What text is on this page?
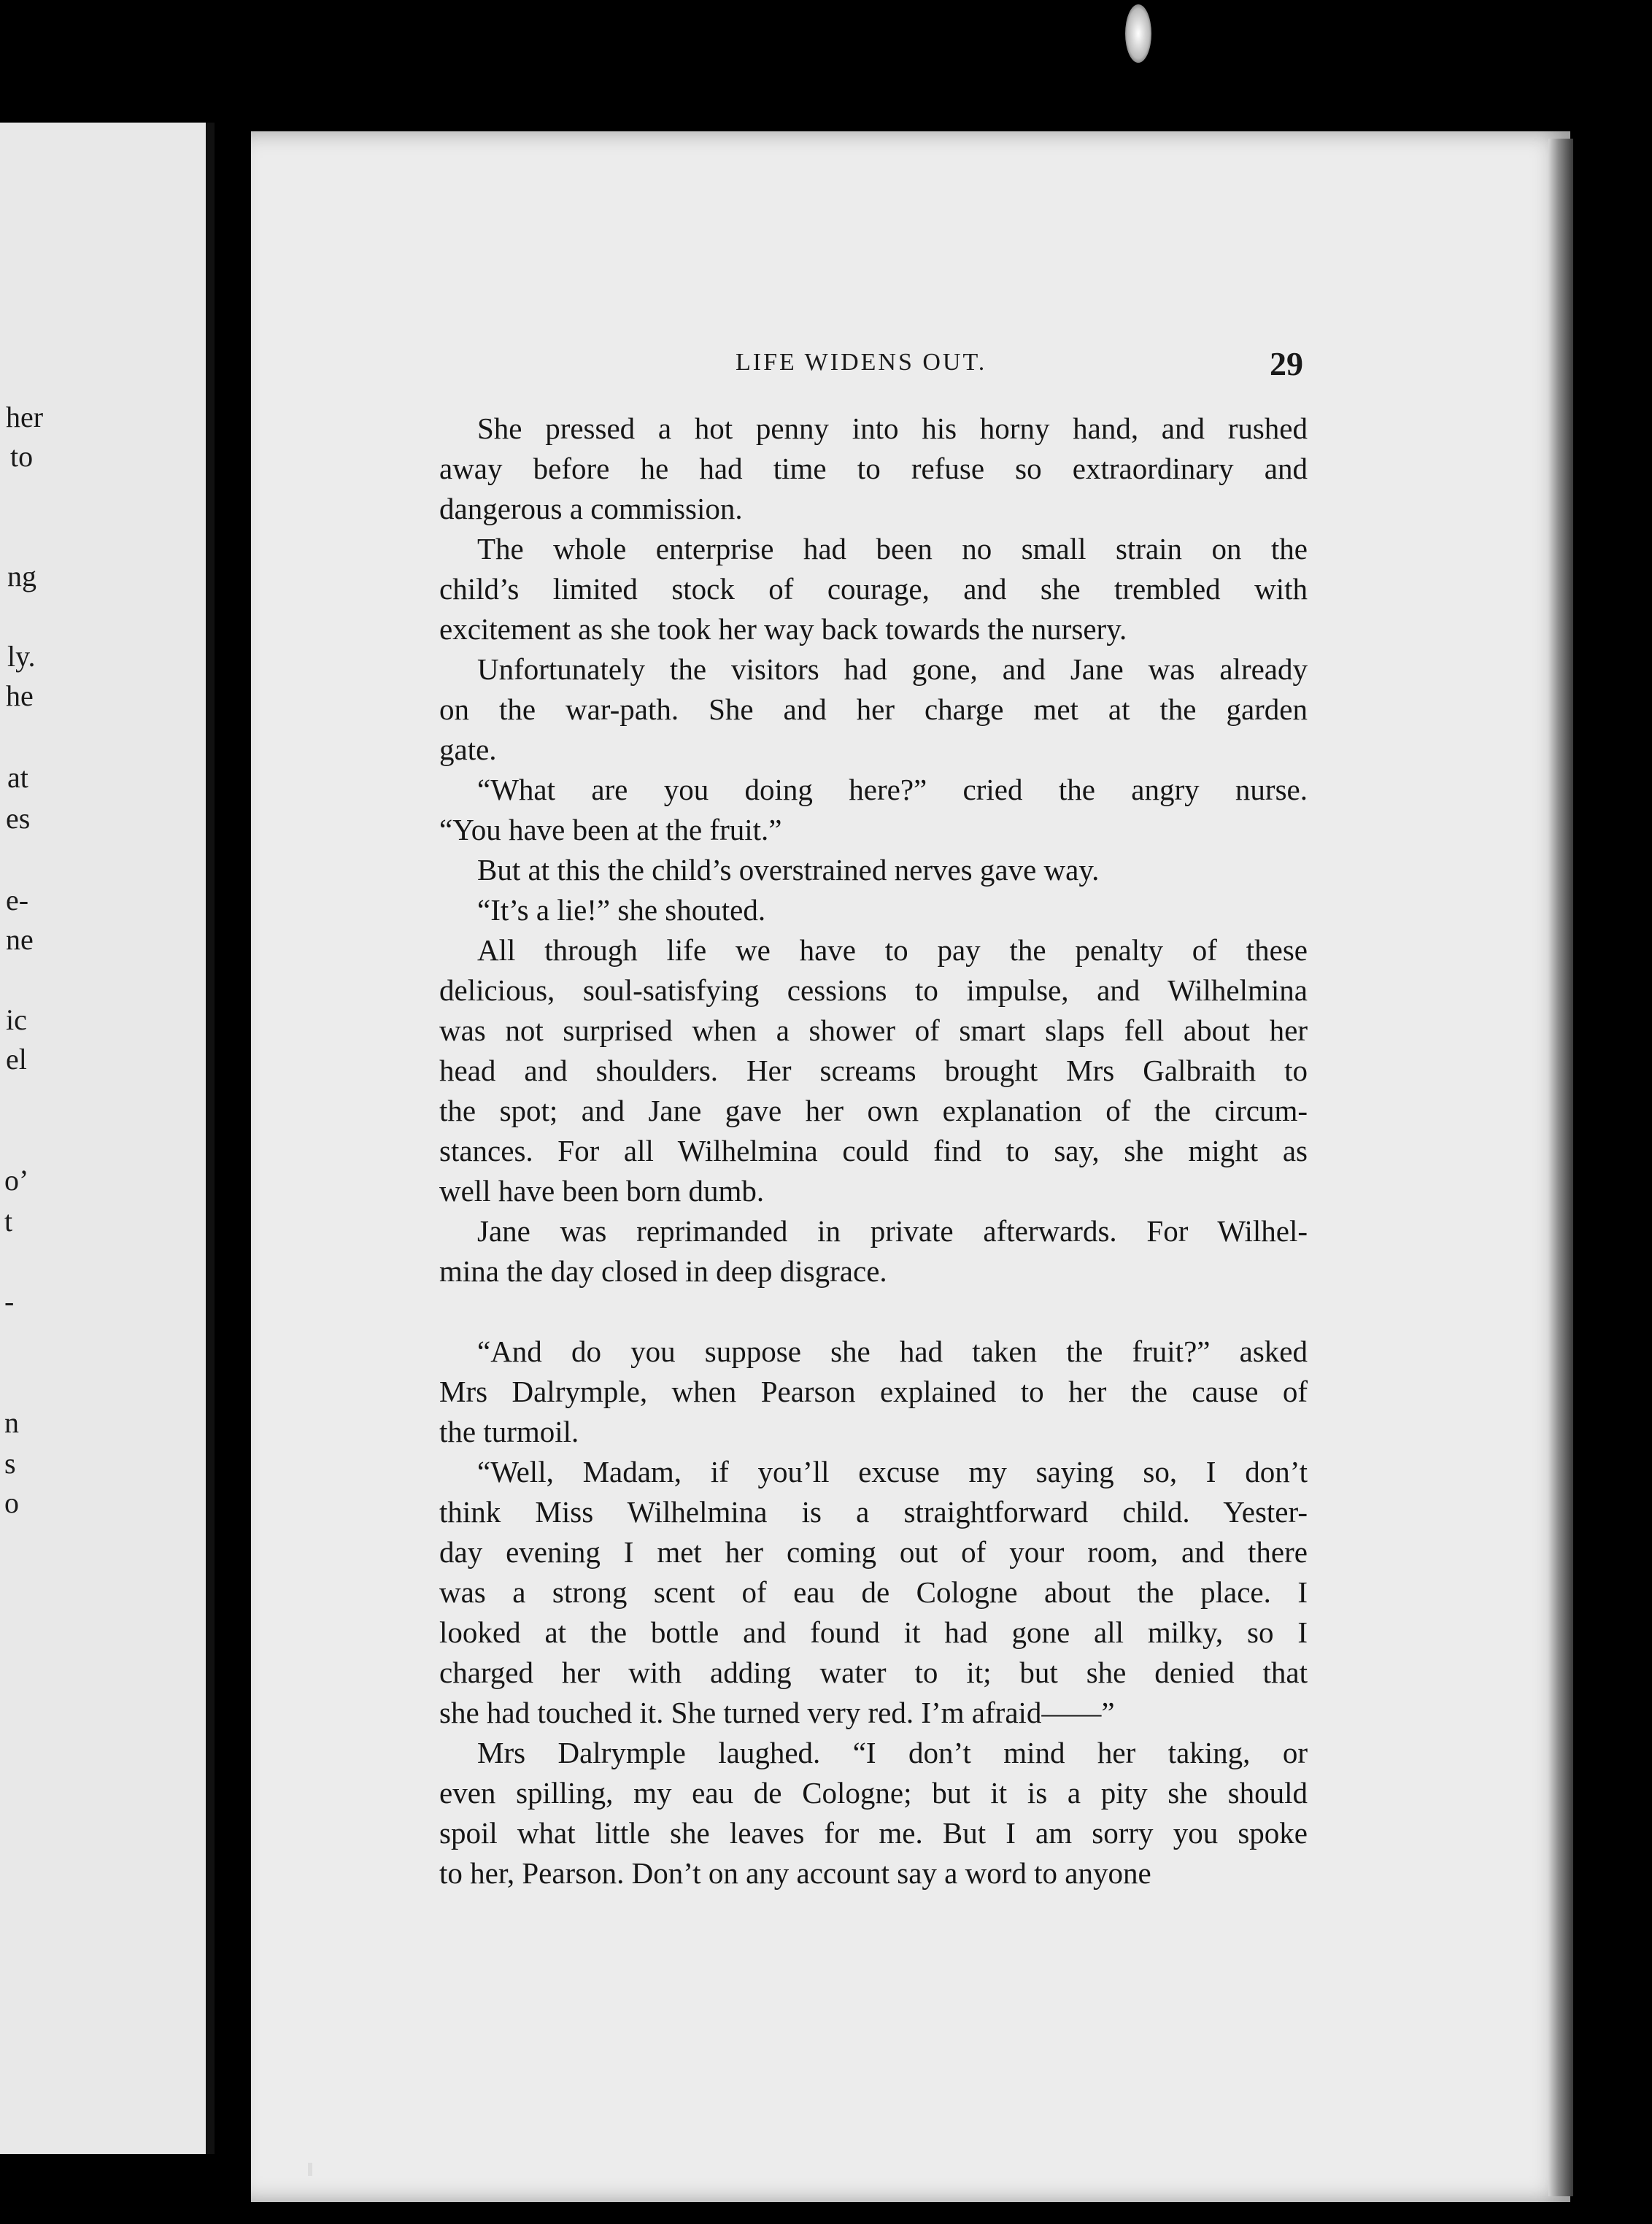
her
to
ng
ly.
he
at
es
e-
ne
ic
el
o’
t
-
n
s
o
LIFE WIDENS OUT.	29
She pressed a hot penny into his horny hand, and rushed
away before he had time to refuse so extraordinary and
dangerous a commission.
The whole enterprise had been no small strain on the
child’s limited stock of courage, and she trembled with
excitement as she took her way back towards the nursery.
Unfortunately the visitors had gone, and Jane was already
on the war-path. She and her charge met at the garden
gate.
“What are you doing here?” cried the angry nurse.
“You have been at the fruit.”
But at this the child’s overstrained nerves gave way.
“It’s a lie!” she shouted.
All through life we have to pay the penalty of these
delicious, soul-satisfying cessions to impulse, and Wilhelmina
was not surprised when a shower of smart slaps fell about her
head and shoulders. Her screams brought Mrs Galbraith to
the spot; and Jane gave her own explanation of the circum-
stances. For all Wilhelmina could find to say, she might as
well have been born dumb.
Jane was reprimanded in private afterwards. For Wilhel-
mina the day closed in deep disgrace.
“And do you suppose she had taken the fruit?” asked
Mrs Dalrymple, when Pearson explained to her the cause of
the turmoil.
“Well, Madam, if you’ll excuse my saying so, I don’t
think Miss Wilhelmina is a straightforward child. Yester-
day evening I met her coming out of your room, and there
was a strong scent of eau de Cologne about the place. I
looked at the bottle and found it had gone all milky, so I
charged her with adding water to it; but she denied that
she had touched it. She turned very red. I’m afraid——”
Mrs Dalrymple laughed. “I don’t mind her taking, or
even spilling, my eau de Cologne; but it is a pity she should
spoil what little she leaves for me. But I am sorry you spoke
to her, Pearson. Don’t on any account say a word to anyone
